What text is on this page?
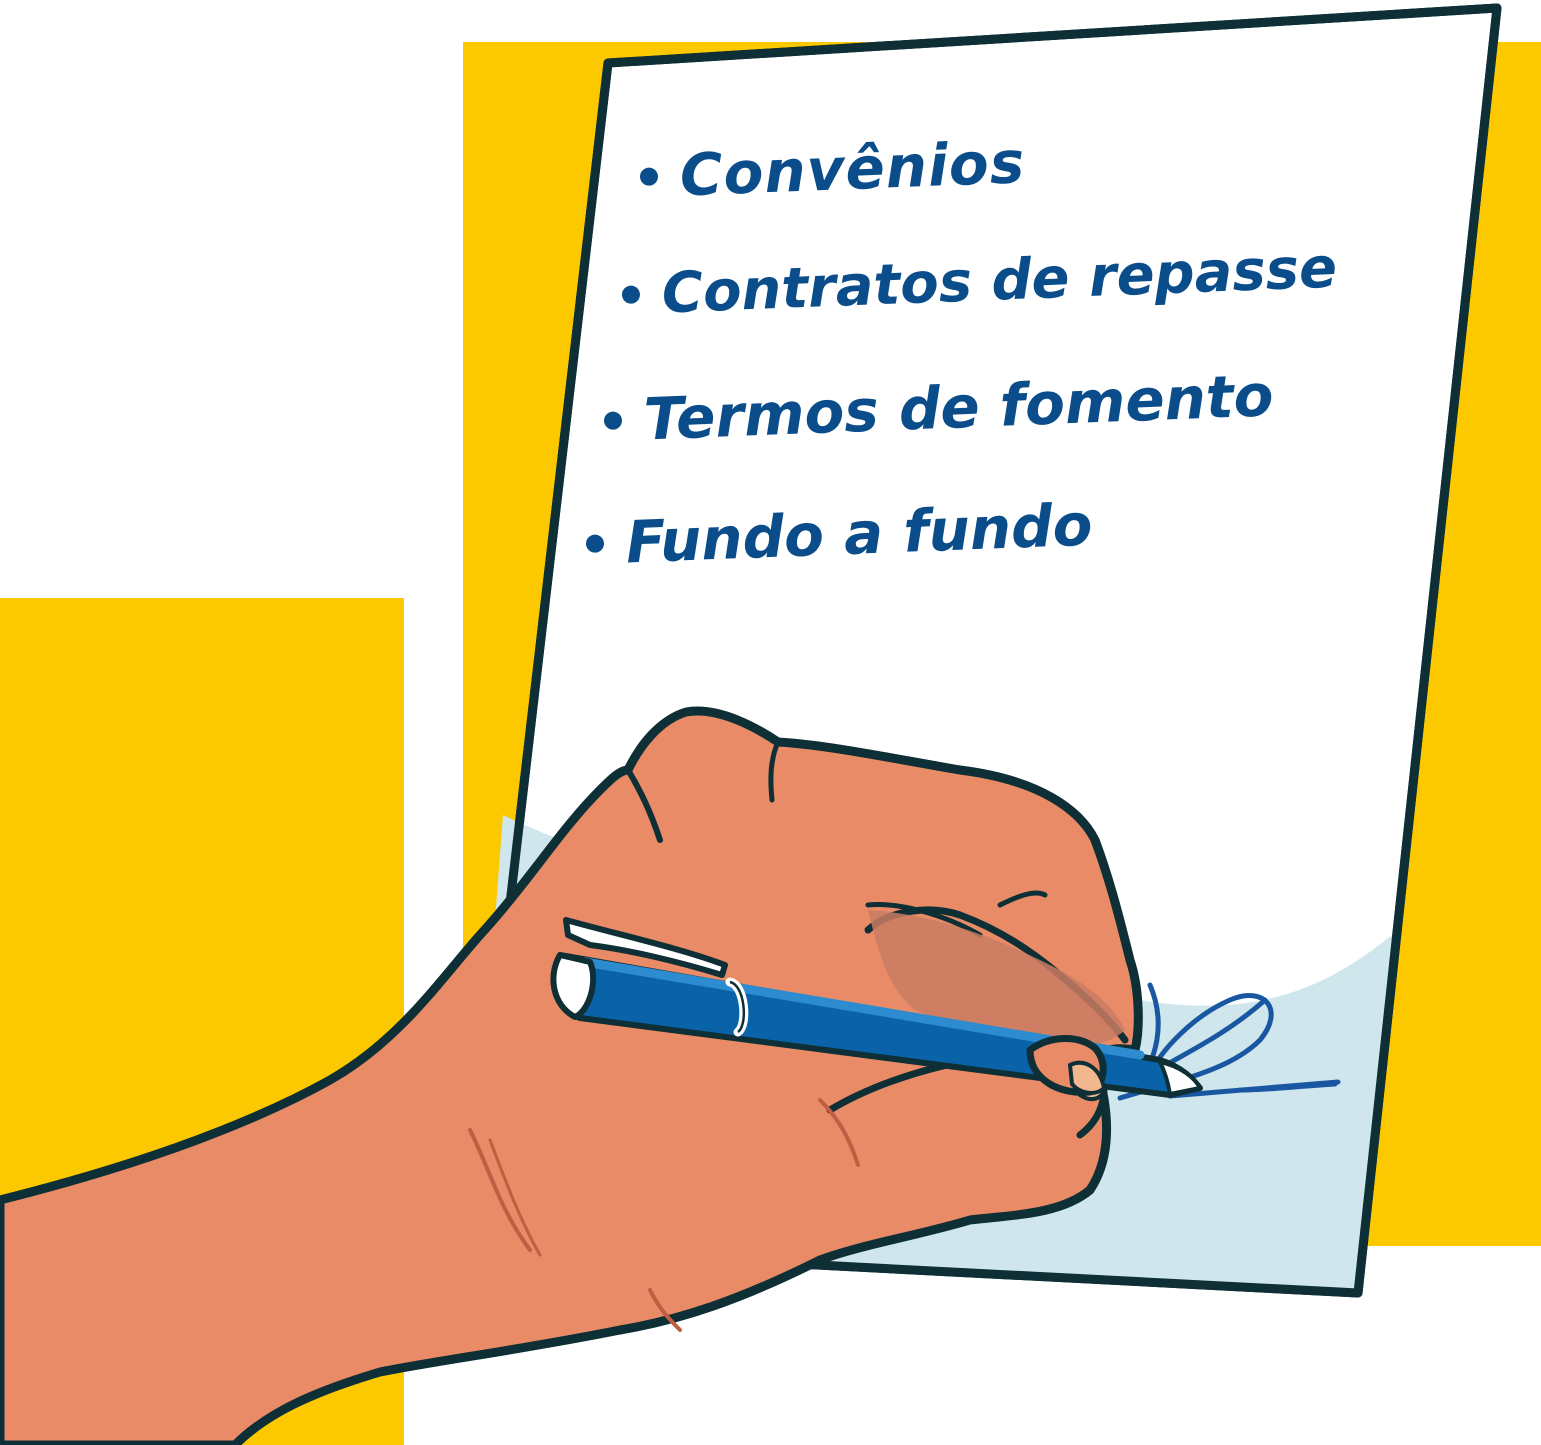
Convênios
Contratos de repasse
Termos de fomento
Fundo a fundo
